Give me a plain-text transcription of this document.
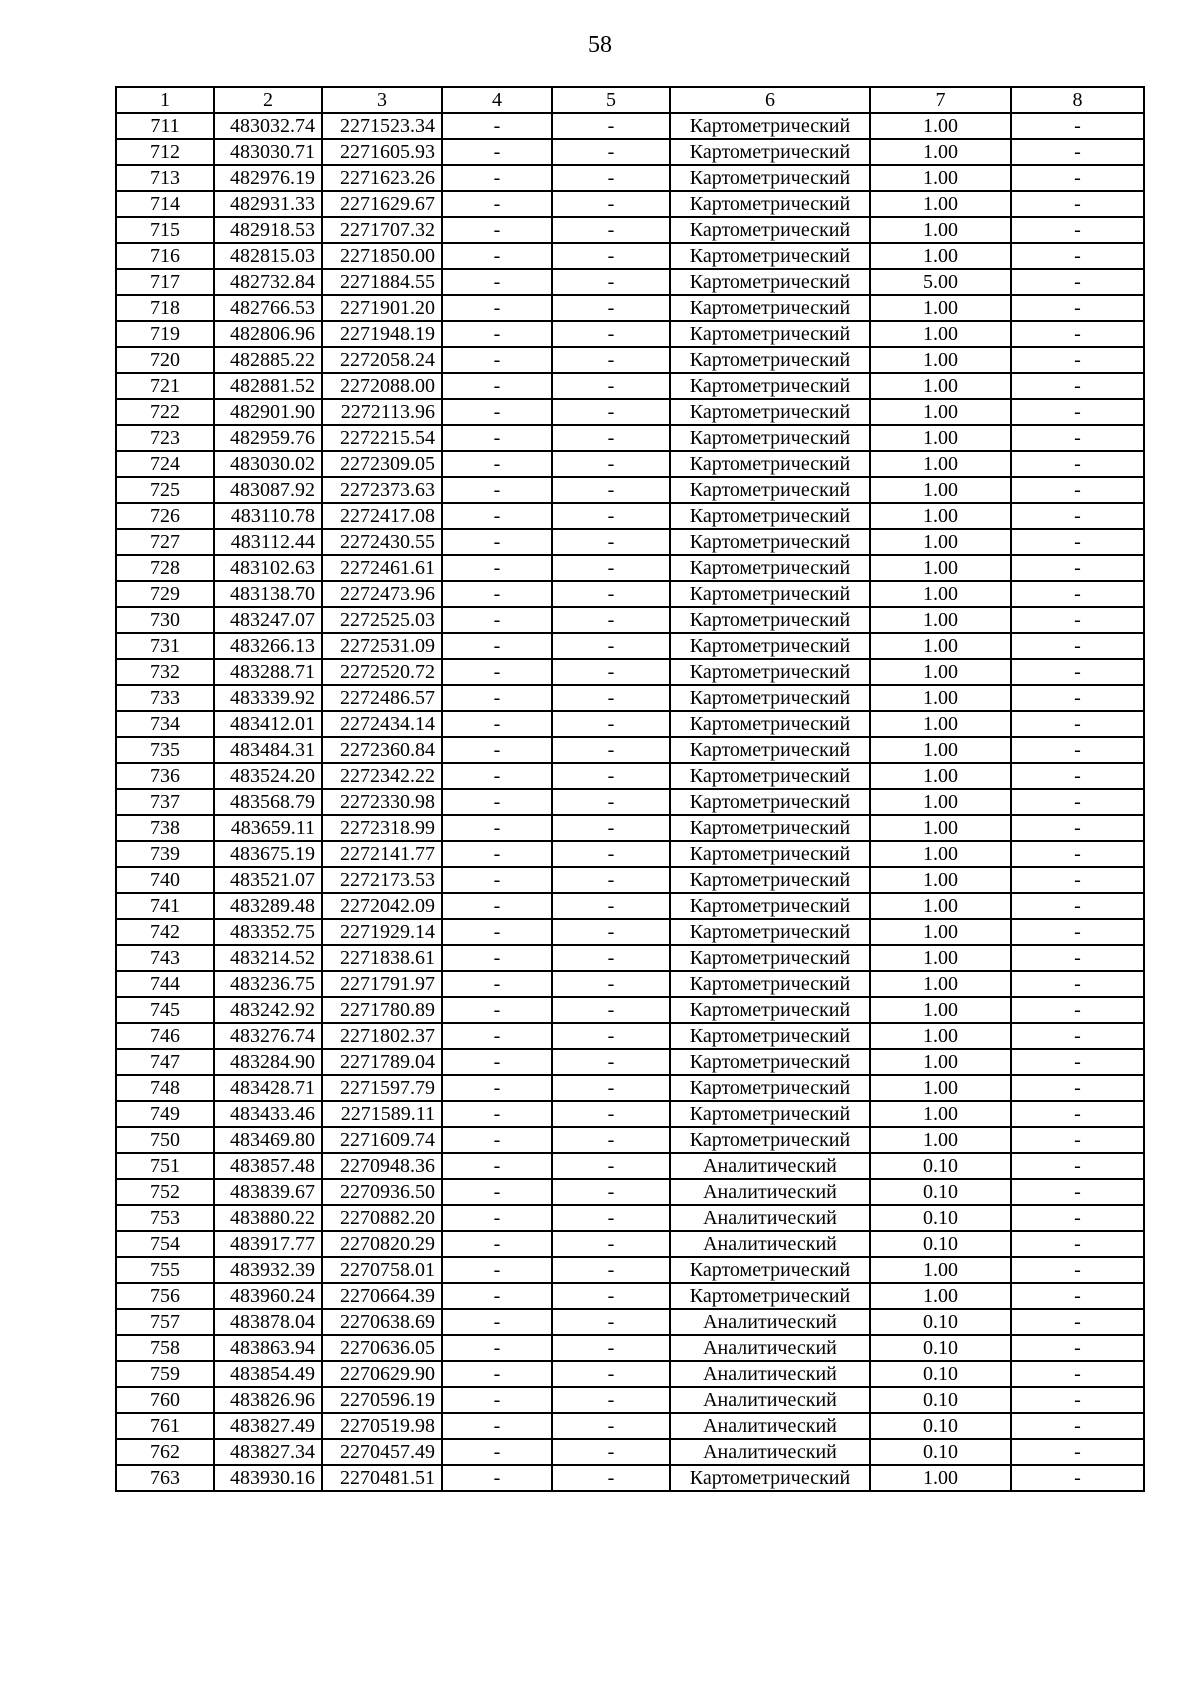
58
1	2	3	4	5	6	7	8
711	483032.74	2271523.34	-	-	Картометрический	1.00	-
712	483030.71	2271605.93	-	-	Картометрический	1.00	-
713	482976.19	2271623.26	-	-	Картометрический	1.00	-
714	482931.33	2271629.67	-	-	Картометрический	1.00	-
715	482918.53	2271707.32	-	-	Картометрический	1.00	-
716	482815.03	2271850.00	-	-	Картометрический	1.00	-
717	482732.84	2271884.55	-	-	Картометрический	5.00	-
718	482766.53	2271901.20	-	-	Картометрический	1.00	-
719	482806.96	2271948.19	-	-	Картометрический	1.00	-
720	482885.22	2272058.24	-	-	Картометрический	1.00	-
721	482881.52	2272088.00	-	-	Картометрический	1.00	-
722	482901.90	2272113.96	-	-	Картометрический	1.00	-
723	482959.76	2272215.54	-	-	Картометрический	1.00	-
724	483030.02	2272309.05	-	-	Картометрический	1.00	-
725	483087.92	2272373.63	-	-	Картометрический	1.00	-
726	483110.78	2272417.08	-	-	Картометрический	1.00	-
727	483112.44	2272430.55	-	-	Картометрический	1.00	-
728	483102.63	2272461.61	-	-	Картометрический	1.00	-
729	483138.70	2272473.96	-	-	Картометрический	1.00	-
730	483247.07	2272525.03	-	-	Картометрический	1.00	-
731	483266.13	2272531.09	-	-	Картометрический	1.00	-
732	483288.71	2272520.72	-	-	Картометрический	1.00	-
733	483339.92	2272486.57	-	-	Картометрический	1.00	-
734	483412.01	2272434.14	-	-	Картометрический	1.00	-
735	483484.31	2272360.84	-	-	Картометрический	1.00	-
736	483524.20	2272342.22	-	-	Картометрический	1.00	-
737	483568.79	2272330.98	-	-	Картометрический	1.00	-
738	483659.11	2272318.99	-	-	Картометрический	1.00	-
739	483675.19	2272141.77	-	-	Картометрический	1.00	-
740	483521.07	2272173.53	-	-	Картометрический	1.00	-
741	483289.48	2272042.09	-	-	Картометрический	1.00	-
742	483352.75	2271929.14	-	-	Картометрический	1.00	-
743	483214.52	2271838.61	-	-	Картометрический	1.00	-
744	483236.75	2271791.97	-	-	Картометрический	1.00	-
745	483242.92	2271780.89	-	-	Картометрический	1.00	-
746	483276.74	2271802.37	-	-	Картометрический	1.00	-
747	483284.90	2271789.04	-	-	Картометрический	1.00	-
748	483428.71	2271597.79	-	-	Картометрический	1.00	-
749	483433.46	2271589.11	-	-	Картометрический	1.00	-
750	483469.80	2271609.74	-	-	Картометрический	1.00	-
751	483857.48	2270948.36	-	-	Аналитический	0.10	-
752	483839.67	2270936.50	-	-	Аналитический	0.10	-
753	483880.22	2270882.20	-	-	Аналитический	0.10	-
754	483917.77	2270820.29	-	-	Аналитический	0.10	-
755	483932.39	2270758.01	-	-	Картометрический	1.00	-
756	483960.24	2270664.39	-	-	Картометрический	1.00	-
757	483878.04	2270638.69	-	-	Аналитический	0.10	-
758	483863.94	2270636.05	-	-	Аналитический	0.10	-
759	483854.49	2270629.90	-	-	Аналитический	0.10	-
760	483826.96	2270596.19	-	-	Аналитический	0.10	-
761	483827.49	2270519.98	-	-	Аналитический	0.10	-
762	483827.34	2270457.49	-	-	Аналитический	0.10	-
763	483930.16	2270481.51	-	-	Картометрический	1.00	-
